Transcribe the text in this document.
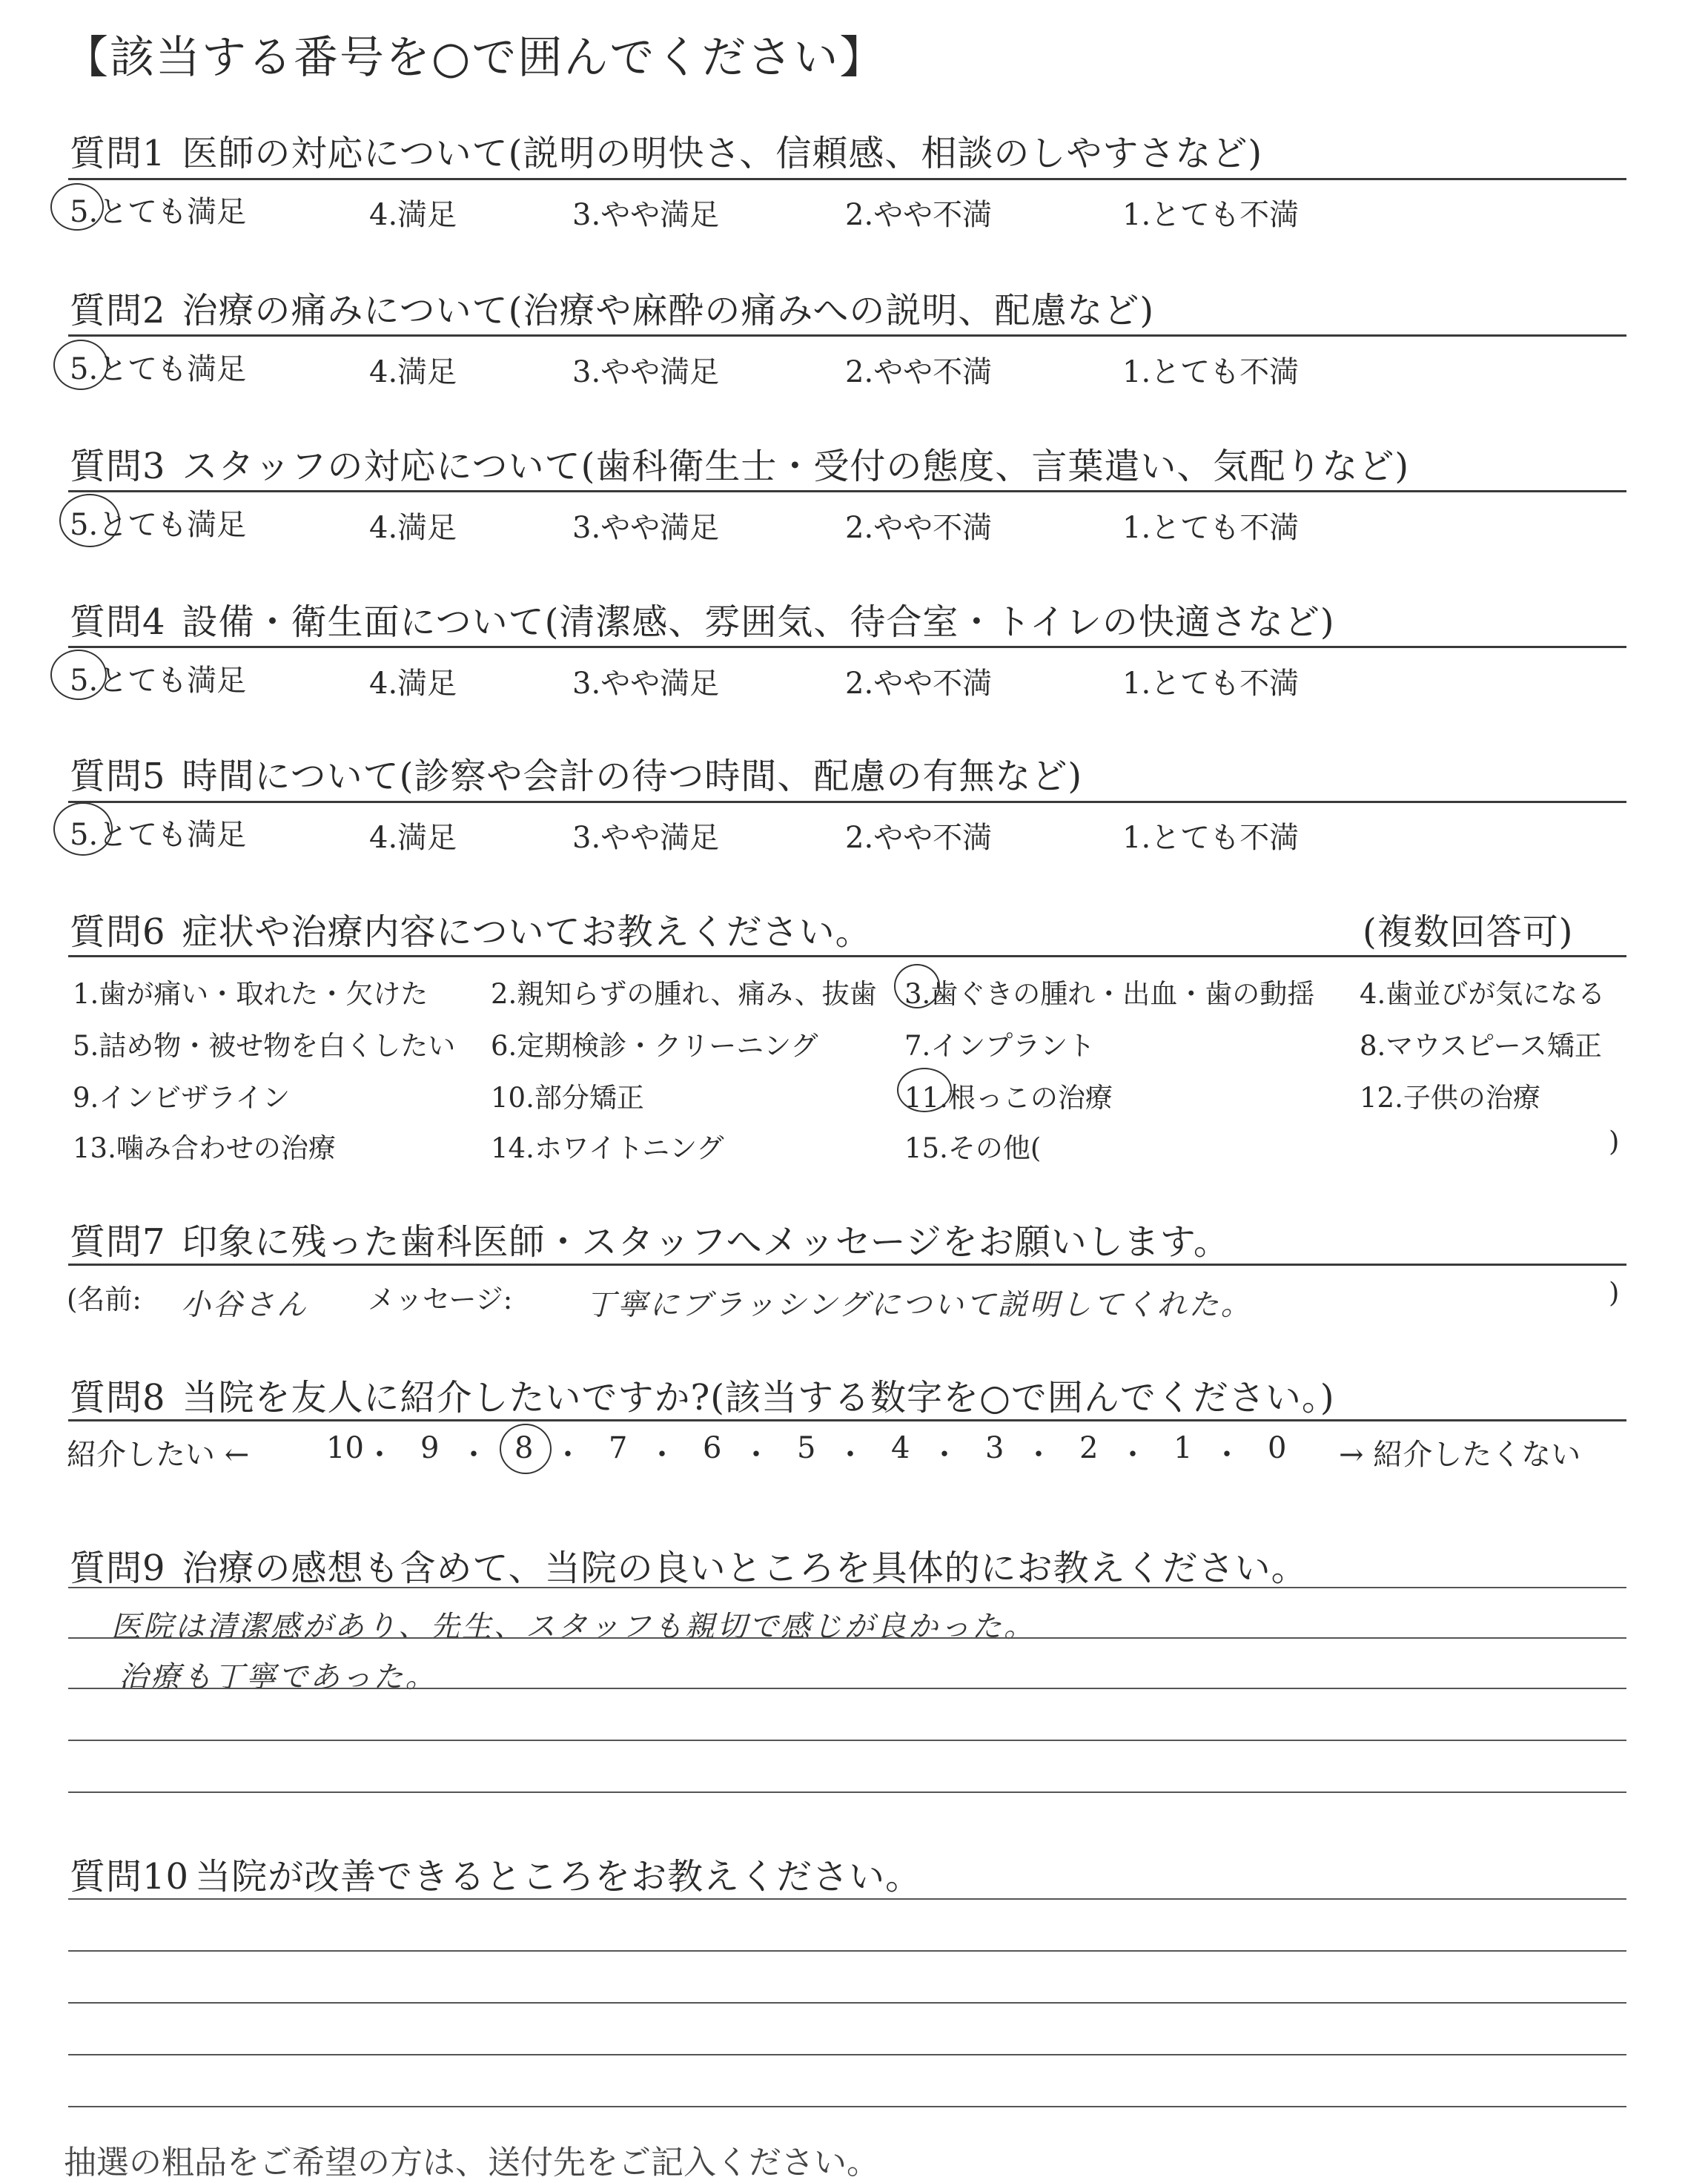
【該当する番号を○で囲んでください】
質問1 医師の対応について(説明の明快さ、信頼感、相談のしやすさなど)
5.とても満足	4.満足	3.やや満足	2.やや不満	1.とても不満
質問2 治療の痛みについて(治療や麻酔の痛みへの説明、配慮など)
5.とても満足	4.満足	3.やや満足	2.やや不満	1.とても不満
質問3 スタッフの対応について(歯科衛生士・受付の態度、言葉遣い、気配りなど)
5.とても満足	4.満足	3.やや満足	2.やや不満	1.とても不満
質問4 設備・衛生面について(清潔感、雰囲気、待合室・トイレの快適さなど)
5.とても満足	4.満足	3.やや満足	2.やや不満	1.とても不満
質問5 時間について(診察や会計の待つ時間、配慮の有無など)
5.とても満足	4.満足	3.やや満足	2.やや不満	1.とても不満
質問6 症状や治療内容についてお教えください。	(複数回答可)
1.歯が痛い・取れた・欠けた 2.親知らずの腫れ、痛み、抜歯 3.歯ぐきの腫れ・出血・歯の動揺 4.歯並びが気になる
5.詰め物・被せ物を白くしたい 6.定期検診・クリーニング	7.インプラント	8.マウスピース矯正
9.インビザライン	10.部分矯正	11.根っこの治療	12.子供の治療
13.噛み合わせの治療	14.ホワイトニング	15.その他(	)
質問7 印象に残った歯科医師・スタッフへメッセージをお願いします。
(名前: 小谷さん メッセージ: 丁寧にブラッシングについて説明してくれた。	)
質問8 当院を友人に紹介したいですか?(該当する数字を○で囲んでください。)
紹介したい ←	→ 紹介したくない
10 ・ 9 ・ 8 ・ 7 ・ 6 ・ 5 ・ 4 ・ 3 ・ 2 ・ 1 ・ 0
質問9 治療の感想も含めて、当院の良いところを具体的にお教えください。
医院は清潔感があり、先生、スタッフも親切で感じが良かった。
治療も丁寧であった。
質問10 当院が改善できるところをお教えください。
抽選の粗品をご希望の方は、送付先をご記入ください。
